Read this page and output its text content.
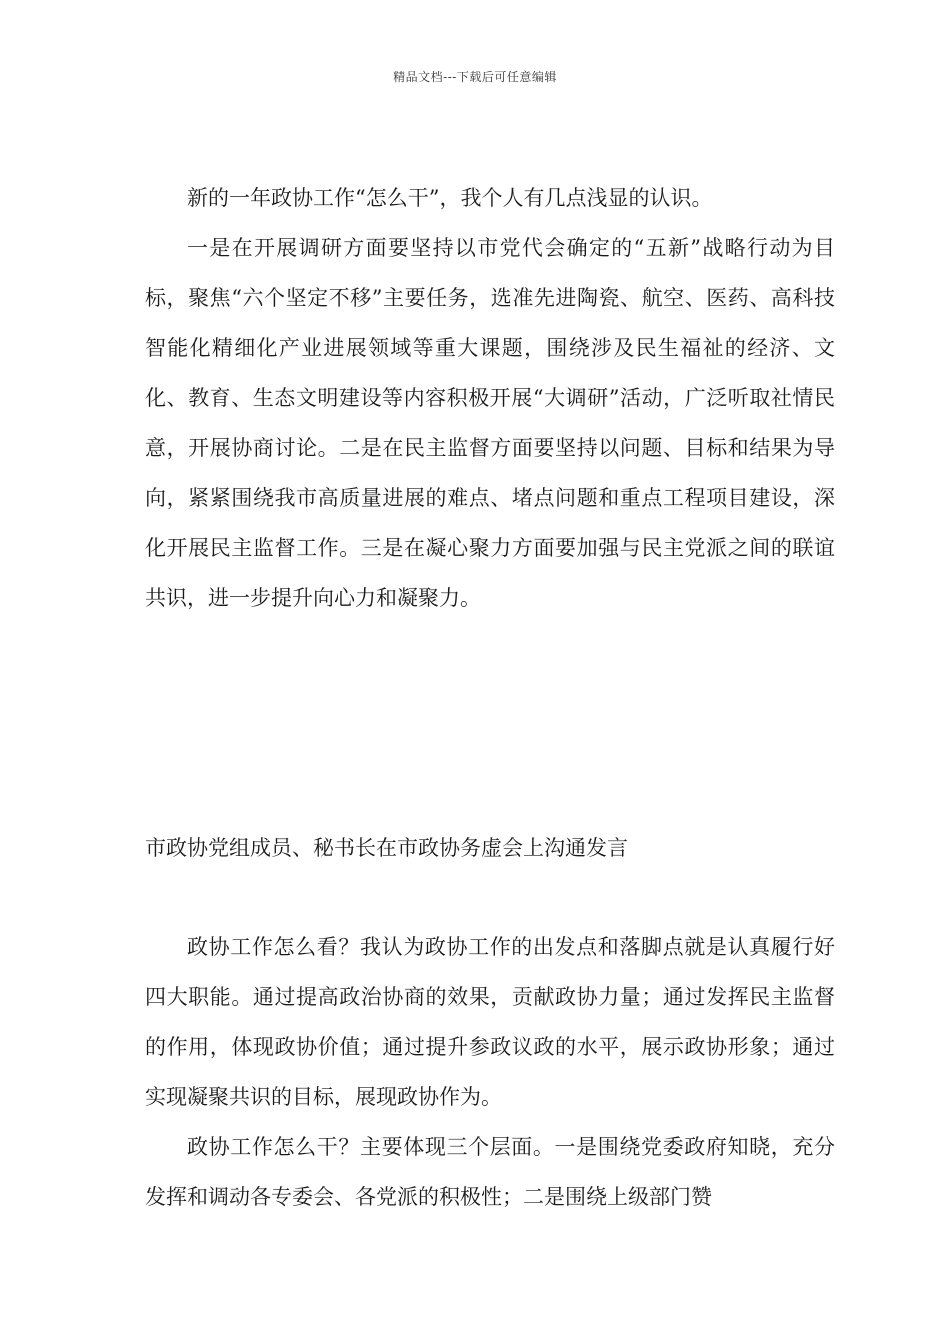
精品文档---下载后可任意编辑

新的一年政协工作“怎么干”，我个人有几点浅显的认识。

一是在开展调研方面要坚持以市党代会确定的“五新”战略行动为目标，聚焦“六个坚定不移”主要任务，选准先进陶瓷、航空、医药、高科技智能化精细化产业进展领域等重大课题，围绕涉及民生福祉的经济、文化、教育、生态文明建设等内容积极开展“大调研”活动，广泛听取社情民意，开展协商讨论。二是在民主监督方面要坚持以问题、目标和结果为导向，紧紧围绕我市高质量进展的难点、堵点问题和重点工程项目建设，深化开展民主监督工作。三是在凝心聚力方面要加强与民主党派之间的联谊共识，进一步提升向心力和凝聚力。

市政协党组成员、秘书长在市政协务虚会上沟通发言

政协工作怎么看？我认为政协工作的出发点和落脚点就是认真履行好四大职能。通过提高政治协商的效果，贡献政协力量；通过发挥民主监督的作用，体现政协价值；通过提升参政议政的水平，展示政协形象；通过实现凝聚共识的目标，展现政协作为。

政协工作怎么干？主要体现三个层面。一是围绕党委政府知晓，充分发挥和调动各专委会、各党派的积极性；二是围绕上级部门赞
